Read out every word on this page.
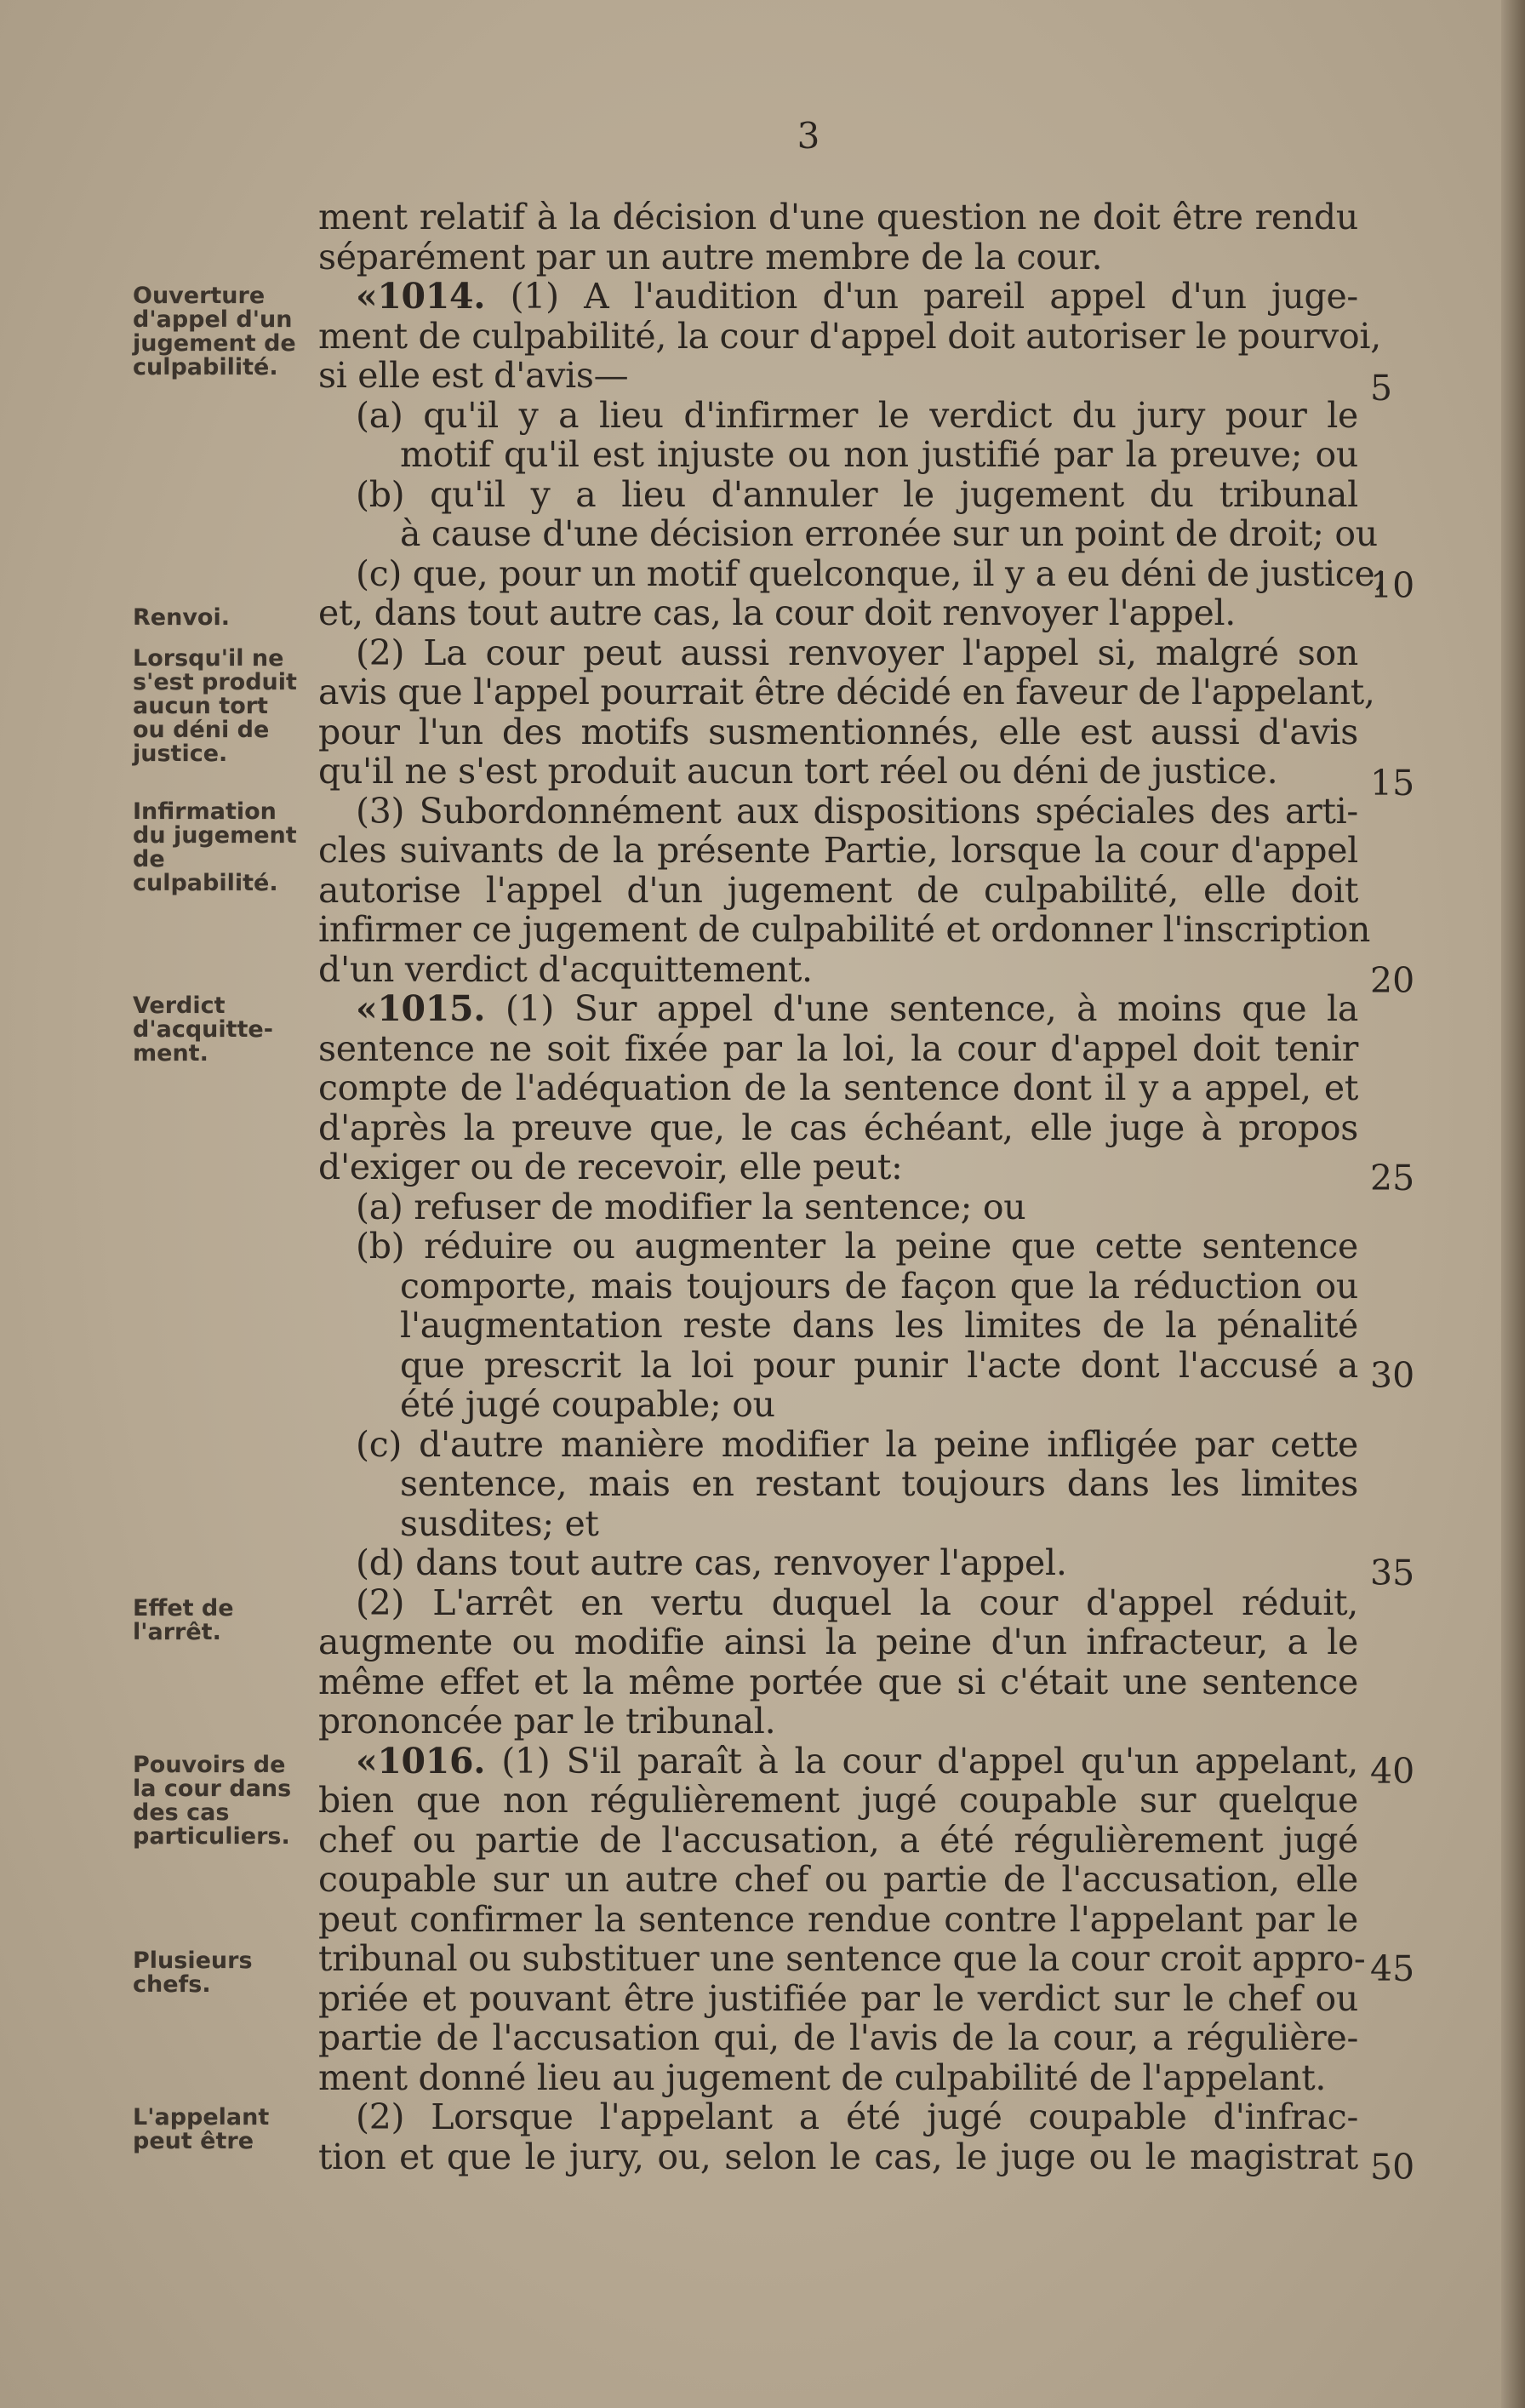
3
ment relatif à la décision d'une question ne doit être rendu
séparément par un autre membre de la cour.
«1014. (1) A l'audition d'un pareil appel d'un juge-
ment de culpabilité, la cour d'appel doit autoriser le pourvoi,
si elle est d'avis—
(a) qu'il y a lieu d'infirmer le verdict du jury pour le
motif qu'il est injuste ou non justifié par la preuve; ou
(b) qu'il y a lieu d'annuler le jugement du tribunal
à cause d'une décision erronée sur un point de droit; ou
(c) que, pour un motif quelconque, il y a eu déni de justice;
et, dans tout autre cas, la cour doit renvoyer l'appel.
(2) La cour peut aussi renvoyer l'appel si, malgré son
avis que l'appel pourrait être décidé en faveur de l'appelant,
pour l'un des motifs susmentionnés, elle est aussi d'avis
qu'il ne s'est produit aucun tort réel ou déni de justice.
(3) Subordonnément aux dispositions spéciales des arti-
cles suivants de la présente Partie, lorsque la cour d'appel
autorise l'appel d'un jugement de culpabilité, elle doit
infirmer ce jugement de culpabilité et ordonner l'inscription
d'un verdict d'acquittement.
«1015. (1) Sur appel d'une sentence, à moins que la
sentence ne soit fixée par la loi, la cour d'appel doit tenir
compte de l'adéquation de la sentence dont il y a appel, et
d'après la preuve que, le cas échéant, elle juge à propos
d'exiger ou de recevoir, elle peut:
(a) refuser de modifier la sentence; ou
(b) réduire ou augmenter la peine que cette sentence
comporte, mais toujours de façon que la réduction ou
l'augmentation reste dans les limites de la pénalité
que prescrit la loi pour punir l'acte dont l'accusé a
été jugé coupable; ou
(c) d'autre manière modifier la peine infligée par cette
sentence, mais en restant toujours dans les limites
susdites; et
(d) dans tout autre cas, renvoyer l'appel.
(2) L'arrêt en vertu duquel la cour d'appel réduit,
augmente ou modifie ainsi la peine d'un infracteur, a le
même effet et la même portée que si c'était une sentence
prononcée par le tribunal.
«1016. (1) S'il paraît à la cour d'appel qu'un appelant,
bien que non régulièrement jugé coupable sur quelque
chef ou partie de l'accusation, a été régulièrement jugé
coupable sur un autre chef ou partie de l'accusation, elle
peut confirmer la sentence rendue contre l'appelant par le
tribunal ou substituer une sentence que la cour croit appro-
priée et pouvant être justifiée par le verdict sur le chef ou
partie de l'accusation qui, de l'avis de la cour, a régulière-
ment donné lieu au jugement de culpabilité de l'appelant.
(2) Lorsque l'appelant a été jugé coupable d'infrac-
tion et que le jury, ou, selon le cas, le juge ou le magistrat
5
10
15
20
25
30
35
40
45
50
Ouverture
d'appel d'un
jugement de
culpabilité.
Renvoi.
Lorsqu'il ne
s'est produit
aucun tort
ou déni de
justice.
Infirmation
du jugement
de culpabilité.
Verdict
d'acquitte-
ment.
Effet de
l'arrêt.
Pouvoirs de
la cour dans
des cas
particuliers.
Plusieurs
chefs.
L'appelant
peut être
